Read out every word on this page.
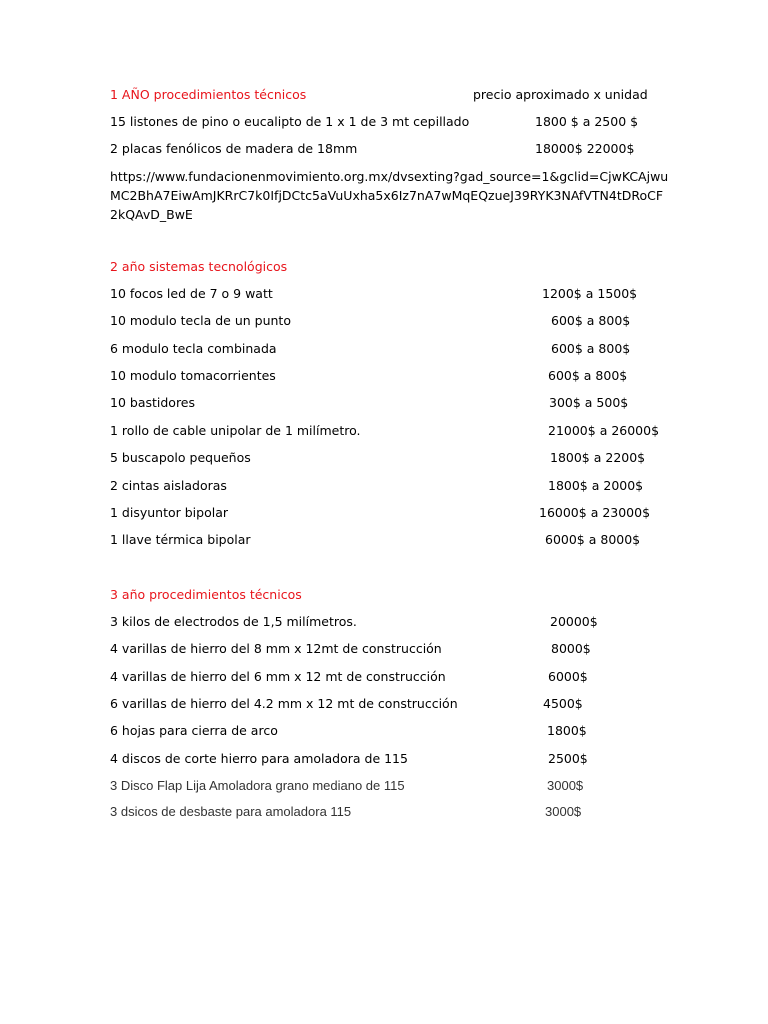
1 AÑO procedimientos técnicos	precio aproximado x unidad
15 listones de pino o eucalipto de 1 x 1 de 3 mt cepillado	1800 $ a 2500 $
2 placas fenólicos de madera de 18mm	18000$ 22000$
https://www.fundacionenmovimiento.org.mx/dvsexting?gad_source=1&gclid=CjwKCAjwuMC2BhA7EiwAmJKRrC7k0IfjDCtc5aVuUxha5x6Iz7nA7wMqEQzueJ39RYK3NAfVTN4tDRoCF2kQAvD_BwE
2 año sistemas tecnológicos
10 focos led de 7 o 9 watt	1200$ a 1500$
10 modulo tecla de un punto	600$ a 800$
6 modulo tecla combinada	600$ a 800$
10 modulo tomacorrientes	600$ a 800$
10 bastidores	300$ a 500$
1 rollo de cable unipolar de 1 milímetro.	21000$ a 26000$
5 buscapolo pequeños	1800$ a 2200$
2 cintas aisladoras	1800$ a 2000$
1 disyuntor bipolar	16000$ a 23000$
1 llave térmica bipolar	6000$ a 8000$
3 año procedimientos técnicos
3 kilos de electrodos de 1,5 milímetros.	20000$
4 varillas de hierro del 8 mm x 12mt de construcción	8000$
4 varillas de hierro del 6 mm x 12 mt de construcción	6000$
6 varillas de hierro del 4.2 mm x 12 mt de construcción	4500$
6 hojas para cierra de arco	1800$
4 discos de corte hierro para amoladora de 115	2500$
3 Disco Flap Lija Amoladora grano mediano de 115	3000$
3 dsicos de desbaste para amoladora 115	3000$
